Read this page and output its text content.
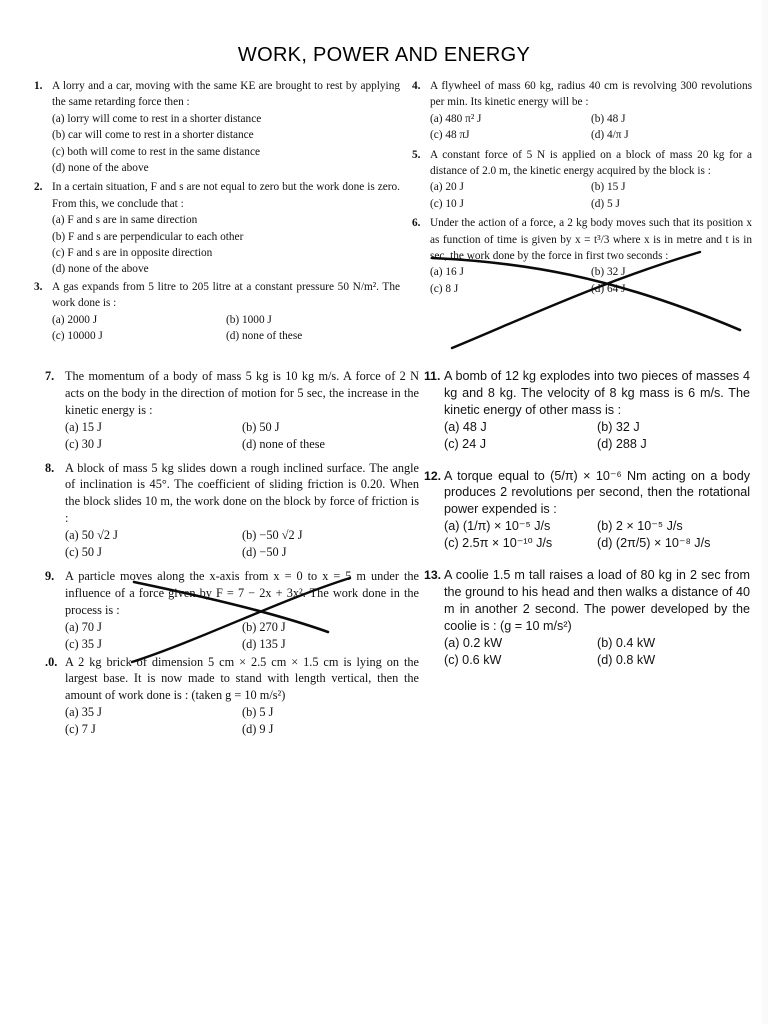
WORK, POWER AND ENERGY
1. A lorry and a car, moving with the same KE are brought to rest by applying the same retarding force then :
(a) lorry will come to rest in a shorter distance
(b) car will come to rest in a shorter distance
(c) both will come to rest in the same distance
(d) none of the above
2. In a certain situation, F and s are not equal to zero but the work done is zero. From this, we conclude that :
(a) F and s are in same direction
(b) F and s are perpendicular to each other
(c) F and s are in opposite direction
(d) none of the above
3. A gas expands from 5 litre to 205 litre at a constant pressure 50 N/m². The work done is :
(a) 2000 J	(b) 1000 J
(c) 10000 J	(d) none of these
4. A flywheel of mass 60 kg, radius 40 cm is revolving 300 revolutions per min. Its kinetic energy will be :
(a) 480 π² J	(b) 48 J
(c) 48 πJ	(d) 4/π J
5. A constant force of 5 N is applied on a block of mass 20 kg for a distance of 2.0 m, the kinetic energy acquired by the block is :
(a) 20 J	(b) 15 J
(c) 10 J	(d) 5 J
6. Under the action of a force, a 2 kg body moves such that its position x as function of time is given by x = t³/3 where x is in metre and t is in sec, the work done by the force in first two seconds :
(a) 16 J	(b) 32 J
(c) 8 J	(d) 64 J
7. The momentum of a body of mass 5 kg is 10 kg m/s. A force of 2 N acts on the body in the direction of motion for 5 sec, the increase in the kinetic energy is :
(a) 15 J	(b) 50 J
(c) 30 J	(d) none of these
8. A block of mass 5 kg slides down a rough inclined surface. The angle of inclination is 45°. The coefficient of sliding friction is 0.20. When the block slides 10 m, the work done on the block by force of friction is :
(a) 50 √2 J	(b) −50 √2 J
(c) 50 J	(d) −50 J
9. A particle moves along the x-axis from x = 0 to x = 5 m under the influence of a force given by F = 7 − 2x + 3x². The work done in the process is :
(a) 70 J	(b) 270 J
(c) 35 J	(d) 135 J
.0. A 2 kg brick of dimension 5 cm × 2.5 cm × 1.5 cm is lying on the largest base. It is now made to stand with length vertical, then the amount of work done is : (taken g = 10 m/s²)
(a) 35 J	(b) 5 J
(c) 7 J	(d) 9 J
11. A bomb of 12 kg explodes into two pieces of masses 4 kg and 8 kg. The velocity of 8 kg mass is 6 m/s. The kinetic energy of other mass is :
(a) 48 J	(b) 32 J
(c) 24 J	(d) 288 J
12. A torque equal to (5/π) × 10⁻⁶ Nm acting on a body produces 2 revolutions per second, then the rotational power expended is :
(a) (1/π) × 10⁻⁵ J/s	(b) 2 × 10⁻⁵ J/s
(c) 2.5π × 10⁻¹⁰ J/s	(d) (2π/5) × 10⁻⁸ J/s
13. A coolie 1.5 m tall raises a load of 80 kg in 2 sec from the ground to his head and then walks a distance of 40 m in another 2 second. The power developed by the coolie is : (g = 10 m/s²)
(a) 0.2 kW	(b) 0.4 kW
(c) 0.6 kW	(d) 0.8 kW
